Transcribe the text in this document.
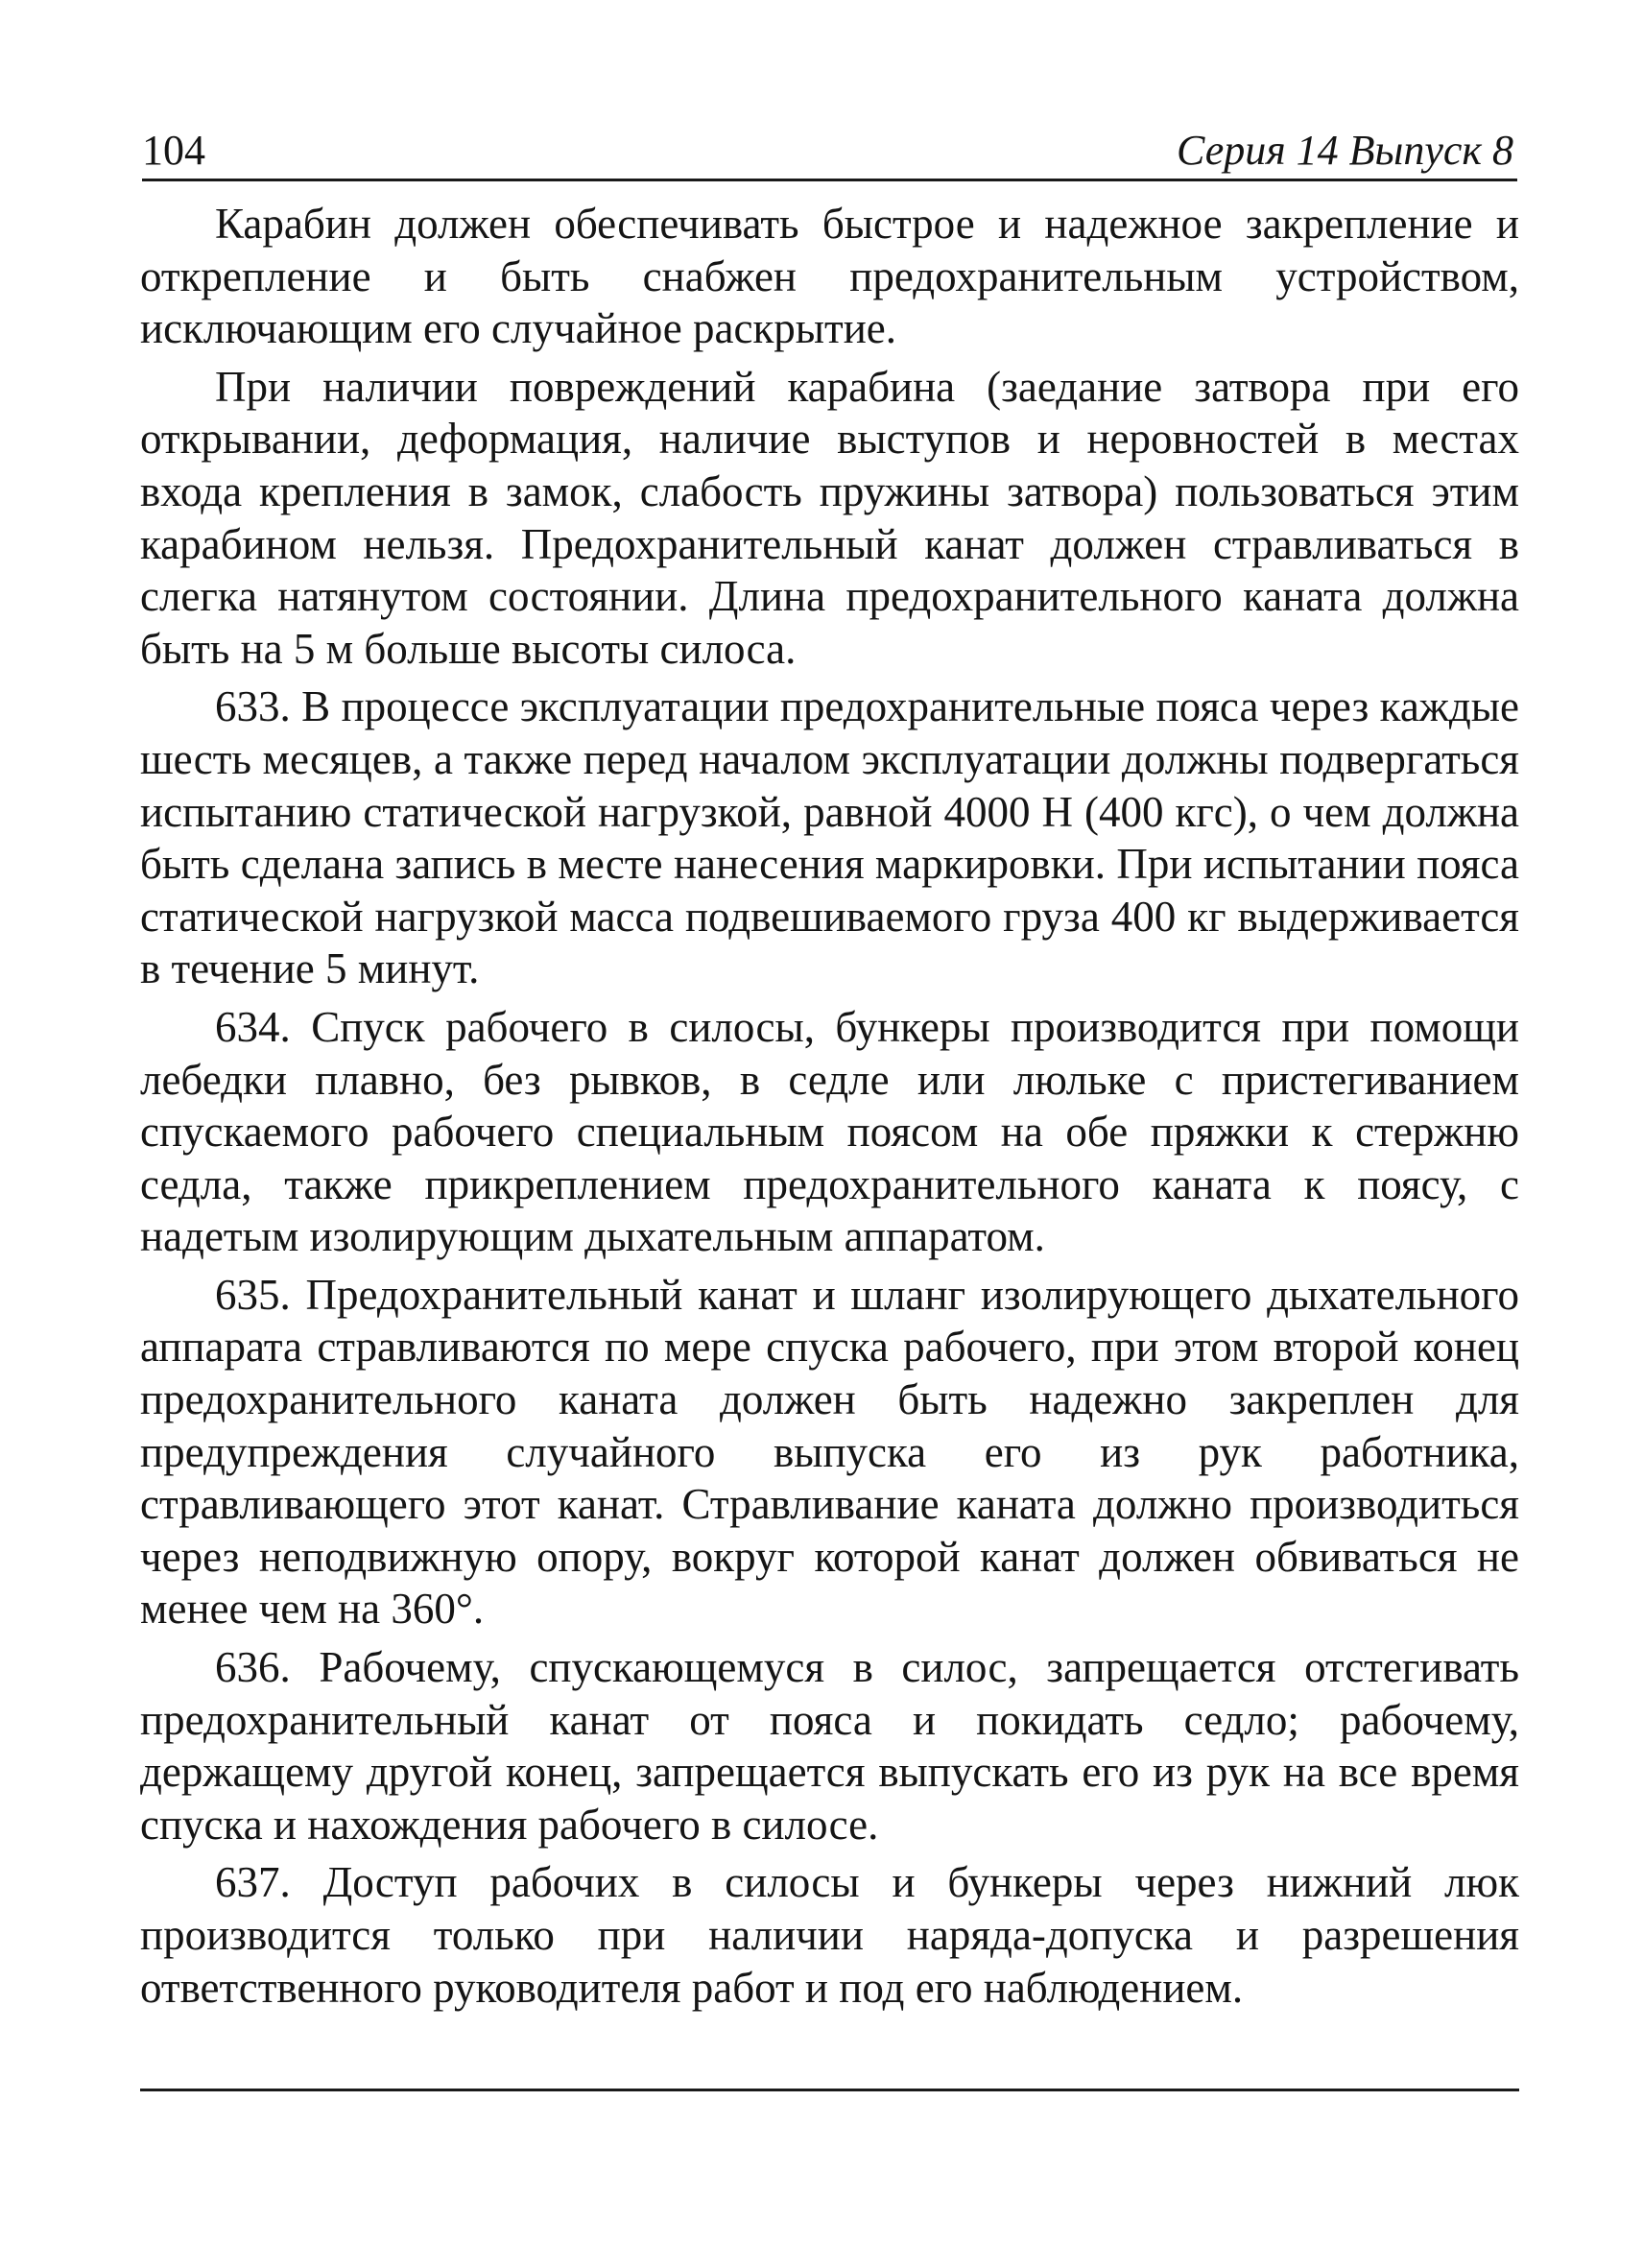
104	Серия 14 Выпуск 8

Карабин должен обеспечивать быстрое и надежное закрепление и открепление и быть снабжен предохранительным устройством, исключающим его случайное раскрытие.

При наличии повреждений карабина (заедание затвора при его открывании, деформация, наличие выступов и неровностей в местах входа крепления в замок, слабость пружины затвора) пользоваться этим карабином нельзя. Предохранительный канат должен стравливаться в слегка натянутом состоянии. Длина предохранительного каната должна быть на 5 м больше высоты силоса.

633. В процессе эксплуатации предохранительные пояса через каждые шесть месяцев, а также перед началом эксплуатации должны подвергаться испытанию статической нагрузкой, равной 4000 Н (400 кгс), о чем должна быть сделана запись в месте нанесения маркировки. При испытании пояса статической нагрузкой масса подвешиваемого груза 400 кг выдерживается в течение 5 минут.

634. Спуск рабочего в силосы, бункеры производится при помощи лебедки плавно, без рывков, в седле или люльке с пристегиванием спускаемого рабочего специальным поясом на обе пряжки к стержню седла, также прикреплением предохранительного каната к поясу, с надетым изолирующим дыхательным аппаратом.

635. Предохранительный канат и шланг изолирующего дыхательного аппарата стравливаются по мере спуска рабочего, при этом второй конец предохранительного каната должен быть надежно закреплен для предупреждения случайного выпуска его из рук работника, стравливающего этот канат. Стравливание каната должно производиться через неподвижную опору, вокруг которой канат должен обвиваться не менее чем на 360°.

636. Рабочему, спускающемуся в силос, запрещается отстегивать предохранительный канат от пояса и покидать седло; рабочему, держащему другой конец, запрещается выпускать его из рук на все время спуска и нахождения рабочего в силосе.

637. Доступ рабочих в силосы и бункеры через нижний люк производится только при наличии наряда-допуска и разрешения ответственного руководителя работ и под его наблюдением.
